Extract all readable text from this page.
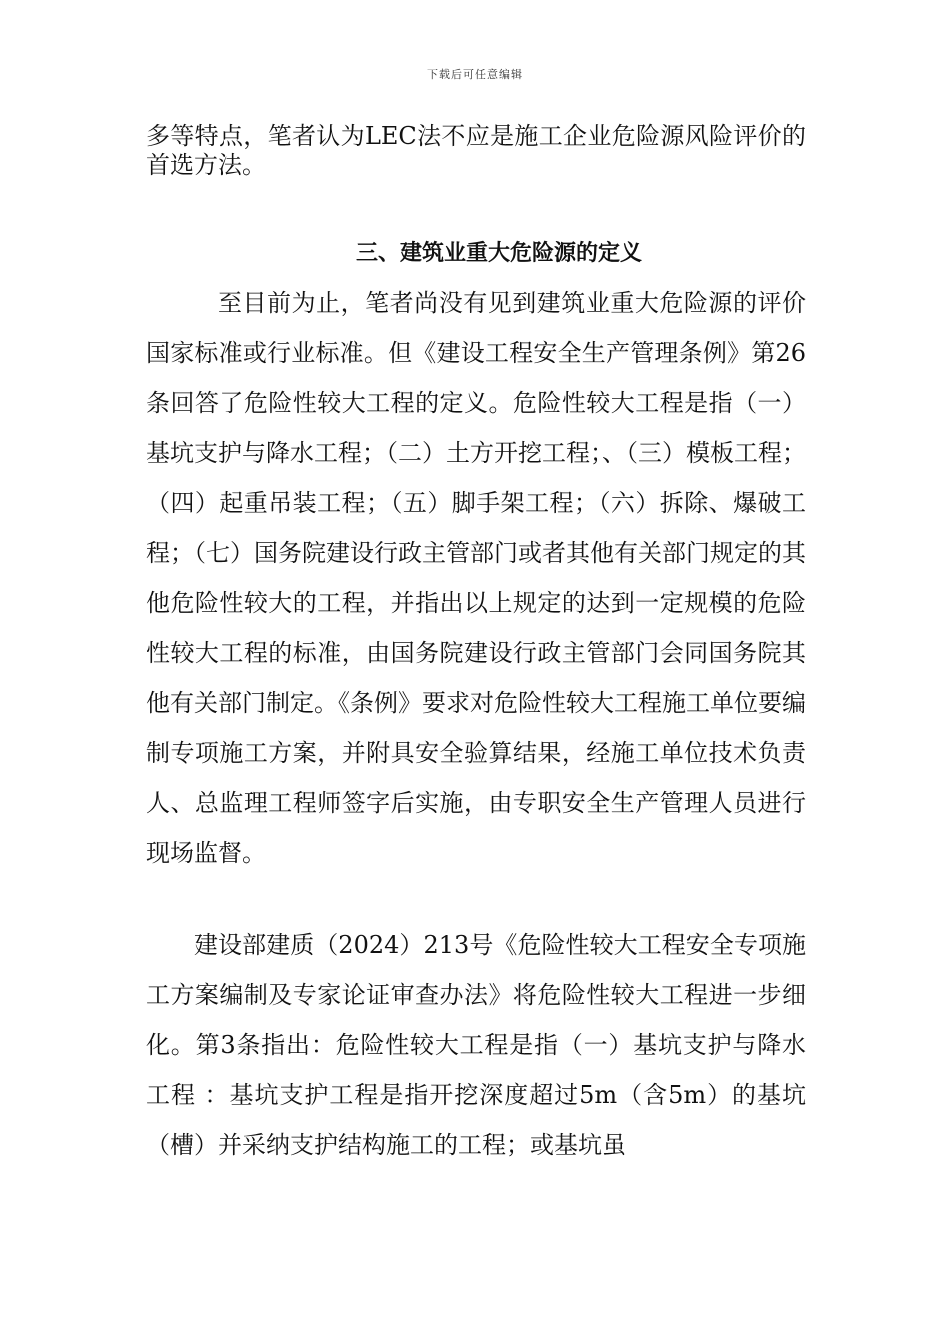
下载后可任意编辑
多等特点，笔者认为LEC法不应是施工企业危险源风险评价的首选方法。
三、建筑业重大危险源的定义
至目前为止，笔者尚没有见到建筑业重大危险源的评价国家标准或行业标准。但《建设工程安全生产管理条例》第26条回答了危险性较大工程的定义。危险性较大工程是指（一）基坑支护与降水工程；（二）土方开挖工程；、（三）模板工程；（四）起重吊装工程；（五）脚手架工程；（六）拆除、爆破工程；（七）国务院建设行政主管部门或者其他有关部门规定的其他危险性较大的工程，并指出以上规定的达到一定规模的危险性较大工程的标准，由国务院建设行政主管部门会同国务院其他有关部门制定。《条例》要求对危险性较大工程施工单位要编制专项施工方案，并附具安全验算结果，经施工单位技术负责人、总监理工程师签字后实施，由专职安全生产管理人员进行现场监督。
建设部建质（2024）213号《危险性较大工程安全专项施工方案编制及专家论证审查办法》将危险性较大工程进一步细化。第3条指出：危险性较大工程是指（一）基坑支护与降水工程 ：基坑支护工程是指开挖深度超过5m（含5m）的基坑（槽）并采纳支护结构施工的工程；或基坑虽
